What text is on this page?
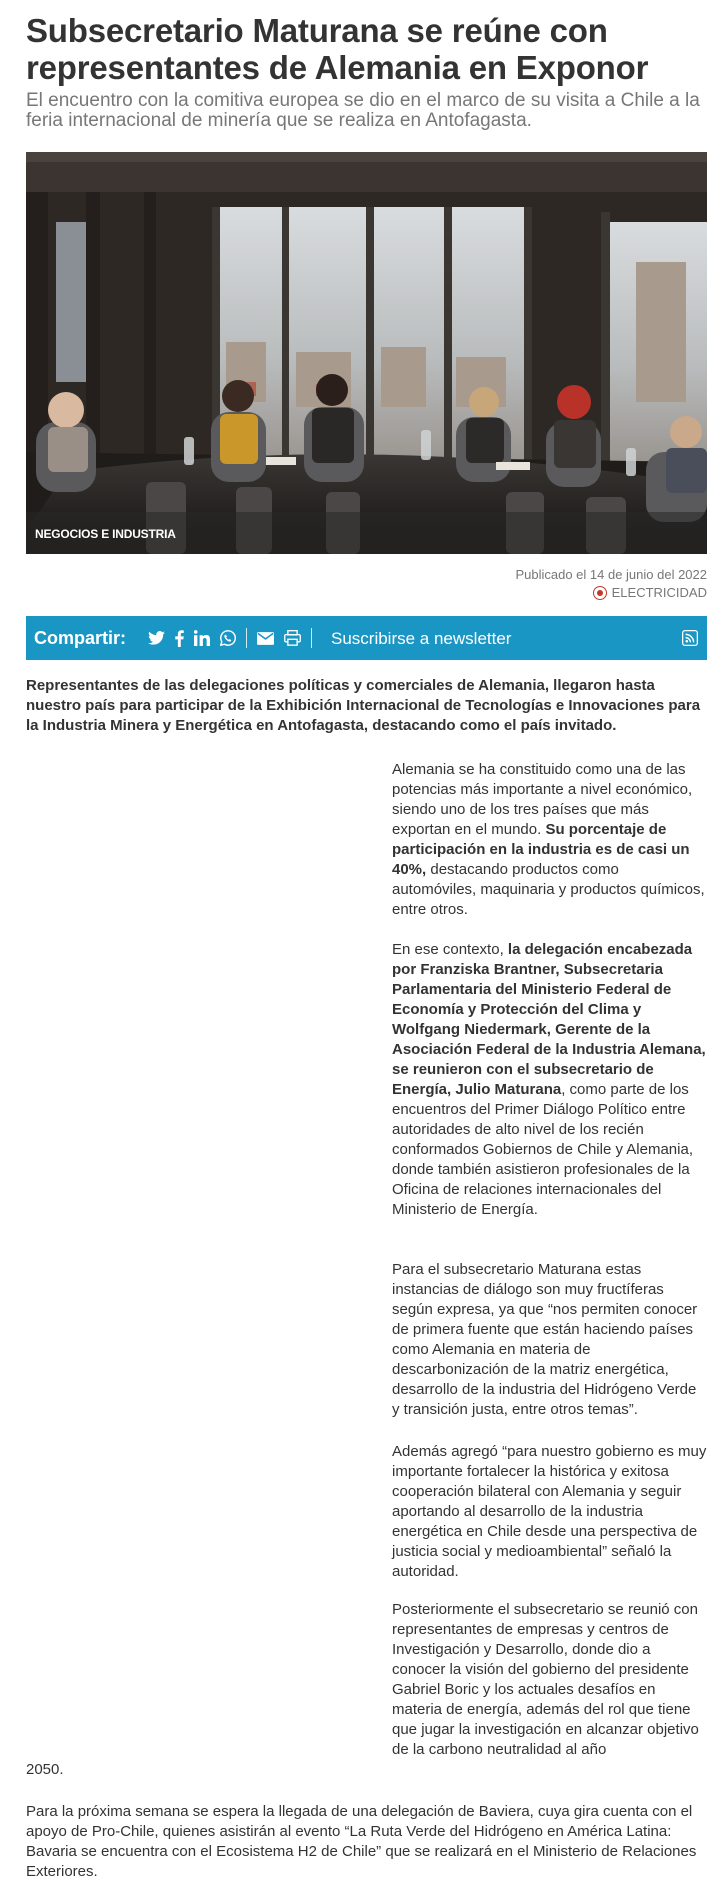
Subsecretario Maturana se reúne con representantes de Alemania en Exponor
El encuentro con la comitiva europea se dio en el marco de su visita a Chile a la feria internacional de minería que se realiza en Antofagasta.
NEGOCIOS E INDUSTRIA
Publicado el 14 de junio del 2022
ELECTRICIDAD
Compartir:	Suscribirse a newsletter
Representantes de las delegaciones políticas y comerciales de Alemania, llegaron hasta nuestro país para participar de la Exhibición Internacional de Tecnologías e Innovaciones para la Industria Minera y Energética en Antofagasta, destacando como el país invitado.
Alemania se ha constituido como una de las potencias más importante a nivel económico, siendo uno de los tres países que más exportan en el mundo. Su porcentaje de participación en la industria es de casi un 40%, destacando productos como automóviles, maquinaria y productos químicos, entre otros.
En ese contexto, la delegación encabezada por Franziska Brantner, Subsecretaria Parlamentaria del Ministerio Federal de Economía y Protección del Clima y Wolfgang Niedermark, Gerente de la Asociación Federal de la Industria Alemana, se reunieron con el subsecretario de Energía, Julio Maturana, como parte de los encuentros del Primer Diálogo Político entre autoridades de alto nivel de los recién conformados Gobiernos de Chile y Alemania, donde también asistieron profesionales de la Oficina de relaciones internacionales del Ministerio de Energía.
Para el subsecretario Maturana estas instancias de diálogo son muy fructíferas según expresa, ya que “nos permiten conocer de primera fuente que están haciendo países como Alemania en materia de descarbonización de la matriz energética, desarrollo de la industria del Hidrógeno Verde y transición justa, entre otros temas”.
Además agregó “para nuestro gobierno es muy importante fortalecer la histórica y exitosa cooperación bilateral con Alemania y seguir aportando al desarrollo de la industria energética en Chile desde una perspectiva de justicia social y medioambiental” señaló la autoridad.
Posteriormente el subsecretario se reunió con representantes de empresas y centros de Investigación y Desarrollo, donde dio a conocer la visión del gobierno del presidente Gabriel Boric y los actuales desafíos en materia de energía, además del rol que tiene que jugar la investigación en alcanzar objetivo de la carbono neutralidad al año
2050.
Para la próxima semana se espera la llegada de una delegación de Baviera, cuya gira cuenta con el apoyo de Pro-Chile, quienes asistirán al evento “La Ruta Verde del Hidrógeno en América Latina: Bavaria se encuentra con el Ecosistema H2 de Chile” que se realizará en el Ministerio de Relaciones Exteriores.
